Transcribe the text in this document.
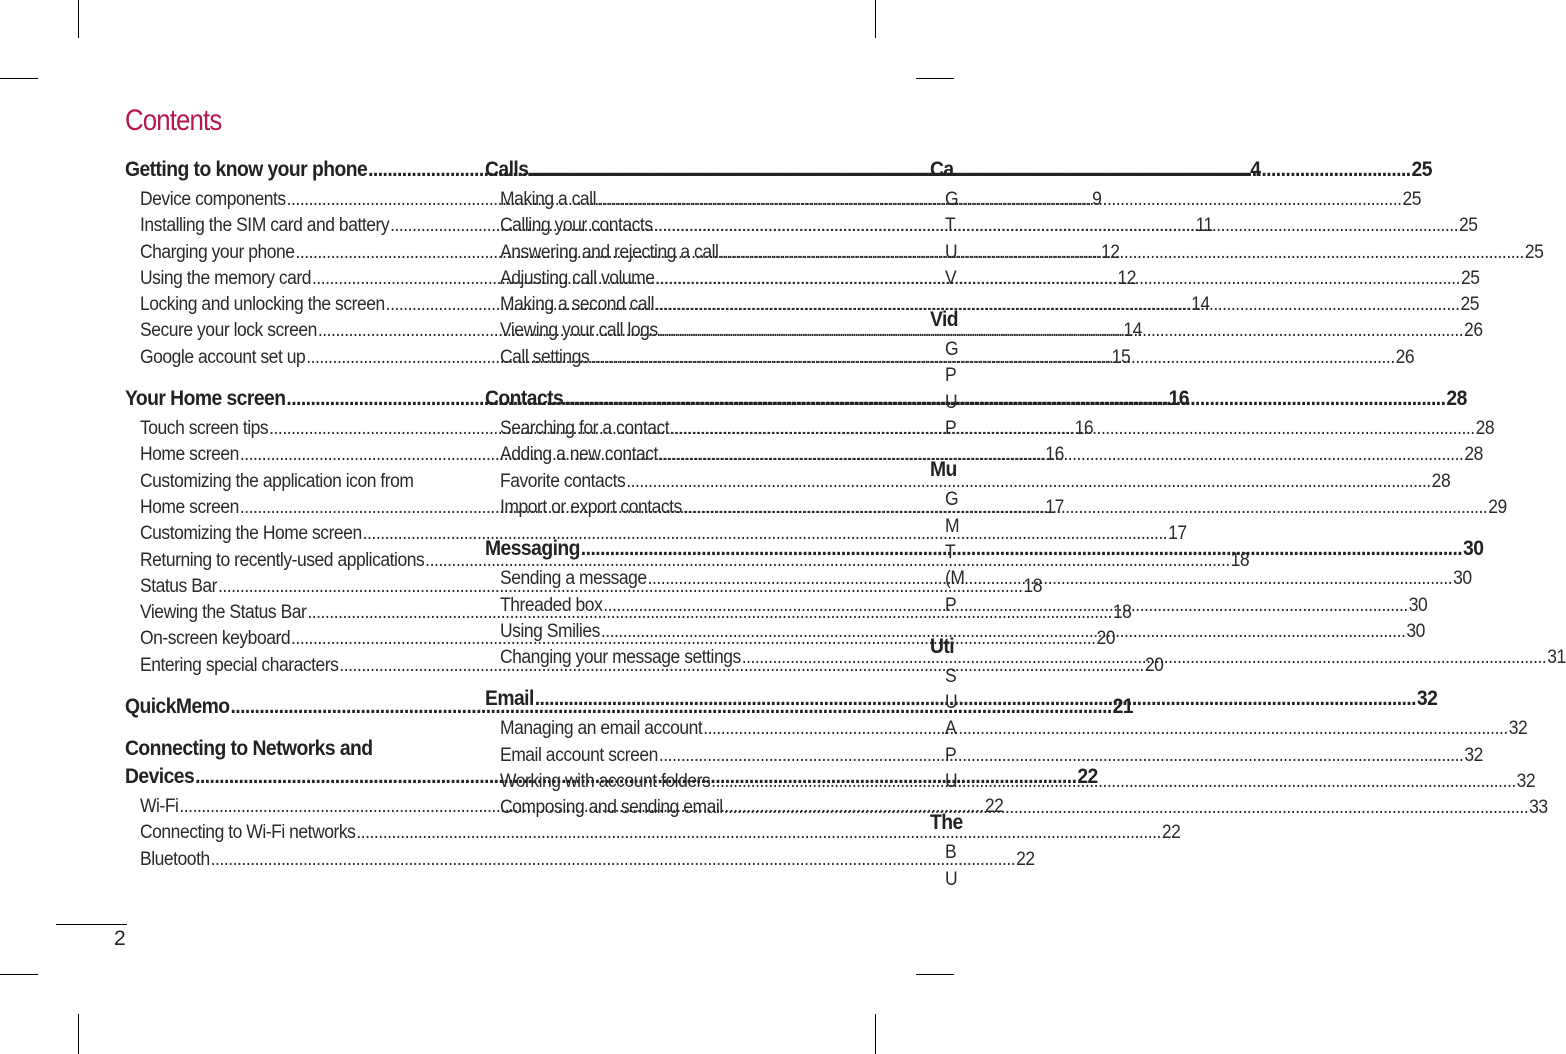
Contents
Getting to know your phone .....	4
Device components .....	9
Installing the SIM card and battery .....	11
Charging your phone .....	12
Using the memory card .....	12
Locking and unlocking the screen .....	14
Secure your lock screen .....	14
Google account set up .....	15
Your Home screen .....	16
Touch screen tips .....	16
Home screen .....	16
Customizing the application icon from
Home screen .....	17
Customizing the Home screen .....	17
Returning to recently-used applications .....	18
Status Bar .....	18
Viewing the Status Bar .....	18
On-screen keyboard .....	20
Entering special characters .....	20
QuickMemo .....	21
Connecting to Networks and
Devices .....	22
Wi-Fi .....	22
Connecting to Wi-Fi networks .....	22
Bluetooth .....	22
Calls .....	25
Making a call .....	25
Calling your contacts .....	25
Answering and rejecting a call .....	25
Adjusting call volume .....	25
Making a second call .....	25
Viewing your call logs .....	26
Call settings .....	26
Contacts .....	28
Searching for a contact .....	28
Adding a new contact .....	28
Favorite contacts .....	28
Import or export contacts .....	29
Messaging .....	30
Sending a message .....	30
Threaded box .....	30
Using Smilies .....	30
Changing your message settings .....	31
Email .....	32
Managing an email account .....	32
Email account screen .....	32
Working with account folders .....	32
Composing and sending email .....	33
Ca
G
T
U
V
Vid
G
P
U
P
Mu
G
M
T
(M
P
Uti
S
U
A
P
U
The
B
U
2
